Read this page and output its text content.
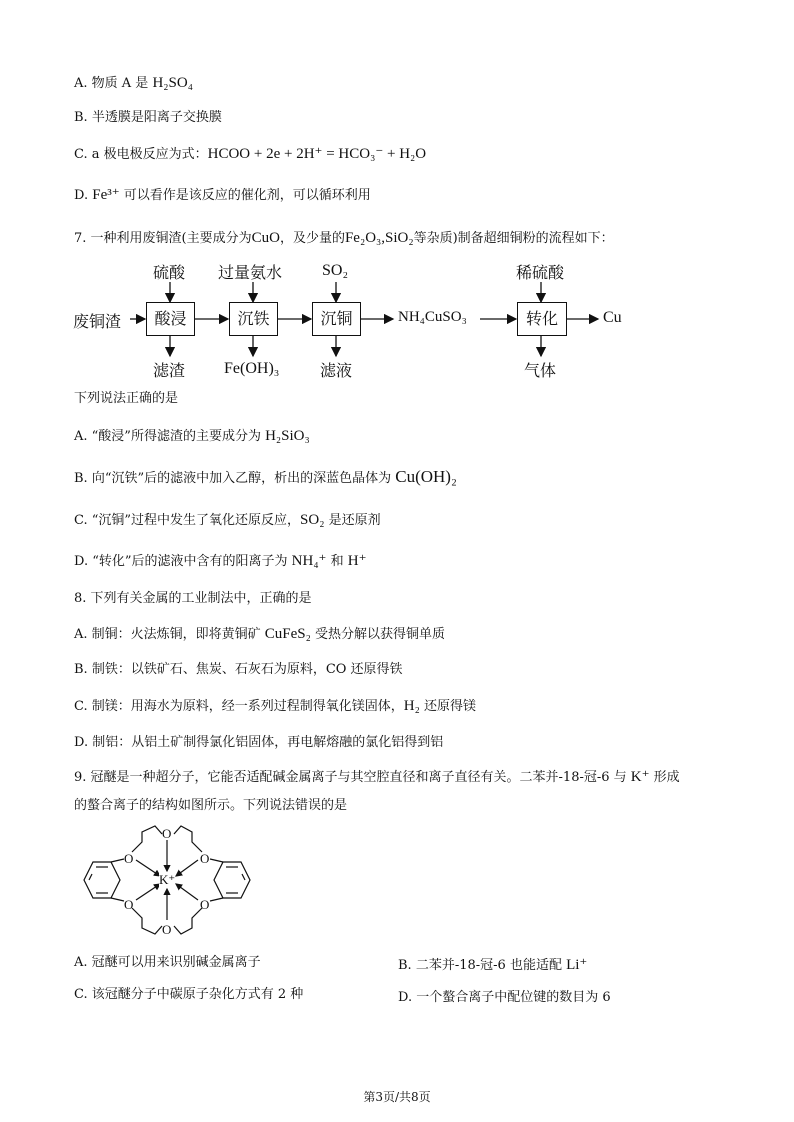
A. 物质 A 是 H₂SO₄
B. 半透膜是阳离子交换膜
C. a 极电极反应为式：HCOO + 2e + 2H⁺ = HCO₃⁻ + H₂O
D. Fe³⁺ 可以看作是该反应的催化剂，可以循环利用
7. 一种利用废铜渣(主要成分为CuO，及少量的Fe₂O₃,SiO₂等杂质)制备超细铜粉的流程如下：
废铜渣	酸浸	沉铁	沉铜	NH₄CuSO₃	转化	Cu
硫酸 过量氨水 SO₂	稀硫酸
滤渣 Fe(OH)₃	滤液	气体
下列说法正确的是
A. “酸浸”所得滤渣的主要成分为 H₂SiO₃
B. 向“沉铁”后的滤液中加入乙醇，析出的深蓝色晶体为 Cu(OH)₂
C. “沉铜”过程中发生了氧化还原反应，SO₂ 是还原剂
D. “转化”后的滤液中含有的阳离子为 NH₄⁺ 和 H⁺
8. 下列有关金属的工业制法中，正确的是
A. 制铜：火法炼铜，即将黄铜矿 CuFeS₂ 受热分解以获得铜单质
B. 制铁：以铁矿石、焦炭、石灰石为原料，CO 还原得铁
C. 制镁：用海水为原料，经一系列过程制得氧化镁固体，H₂ 还原得镁
D. 制铝：从铝土矿制得氯化铝固体，再电解熔融的氯化铝得到铝
9. 冠醚是一种超分子，它能否适配碱金属离子与其空腔直径和离子直径有关。二苯并-18-冠-6 与 K⁺ 形成
的螯合离子的结构如图所示。下列说法错误的是
O
O
O
O
O
O
K⁺
A. 冠醚可以用来识别碱金属离子	B. 二苯并-18-冠-6 也能适配 Li⁺
C. 该冠醚分子中碳原子杂化方式有 2 种	D. 一个螯合离子中配位键的数目为 6
第3页/共8页
